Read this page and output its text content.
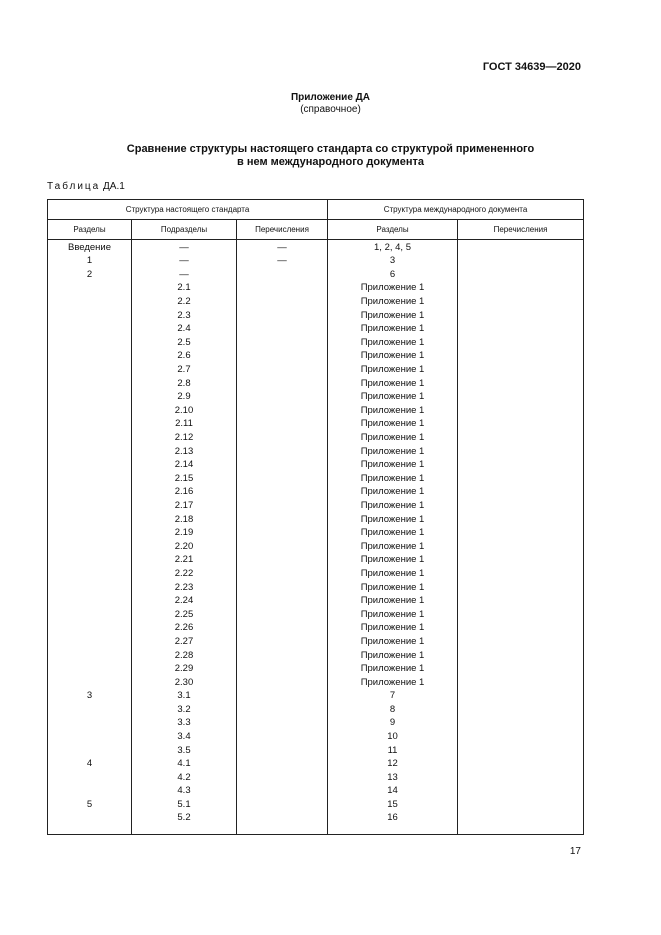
ГОСТ 34639—2020
Приложение ДА
(справочное)
Сравнение структуры настоящего стандарта со структурой примененного
в нем международного документа
Таблица ДА.1
Структура настоящего стандарта			Структура международного документа	
Разделы	Подразделы	Перечисления	Разделы	Перечисления
Введение	—	—	1, 2, 4, 5	
1	—	—	3	
2	—		6	
	2.1		Приложение 1	
	2.2		Приложение 1	
	2.3		Приложение 1	
	2.4		Приложение 1	
	2.5		Приложение 1	
	2.6		Приложение 1	
	2.7		Приложение 1	
	2.8		Приложение 1	
	2.9		Приложение 1	
	2.10		Приложение 1	
	2.11		Приложение 1	
	2.12		Приложение 1	
	2.13		Приложение 1	
	2.14		Приложение 1	
	2.15		Приложение 1	
	2.16		Приложение 1	
	2.17		Приложение 1	
	2.18		Приложение 1	
	2.19		Приложение 1	
	2.20		Приложение 1	
	2.21		Приложение 1	
	2.22		Приложение 1	
	2.23		Приложение 1	
	2.24		Приложение 1	
	2.25		Приложение 1	
	2.26		Приложение 1	
	2.27		Приложение 1	
	2.28		Приложение 1	
	2.29		Приложение 1	
	2.30		Приложение 1	
3	3.1		7	
	3.2		8	
	3.3		9	
	3.4		10	
	3.5		11	
4	4.1		12	
	4.2		13	
	4.3		14	
5	5.1		15	
	5.2		16	
17
